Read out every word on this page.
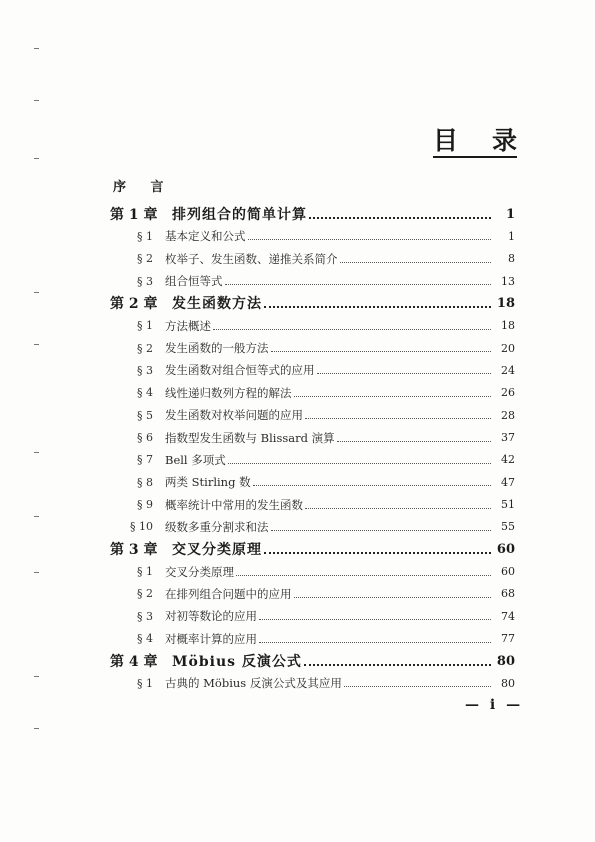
目 录
序 言
第 1 章	排列组合的简单计算	1
§ 1 基本定义和公式	1
§ 2 枚举子、发生函数、递推关系简介	8
§ 3 组合恒等式	13
第 2 章	发生函数方法	18
§ 1 方法概述	18
§ 2 发生函数的一般方法	20
§ 3 发生函数对组合恒等式的应用	24
§ 4 线性递归数列方程的解法	26
§ 5 发生函数对枚举问题的应用	28
§ 6 指数型发生函数与 Blissard 演算	37
§ 7 Bell 多项式	42
§ 8 两类 Stirling 数	47
§ 9 概率统计中常用的发生函数	51
§ 10 级数多重分割求和法	55
第 3 章	交叉分类原理	60
§ 1 交叉分类原理	60
§ 2 在排列组合问题中的应用	68
§ 3 对初等数论的应用	74
§ 4 对概率计算的应用	77
第 4 章	Möbius 反演公式	80
§ 1 古典的 Möbius 反演公式及其应用	80
— i —
